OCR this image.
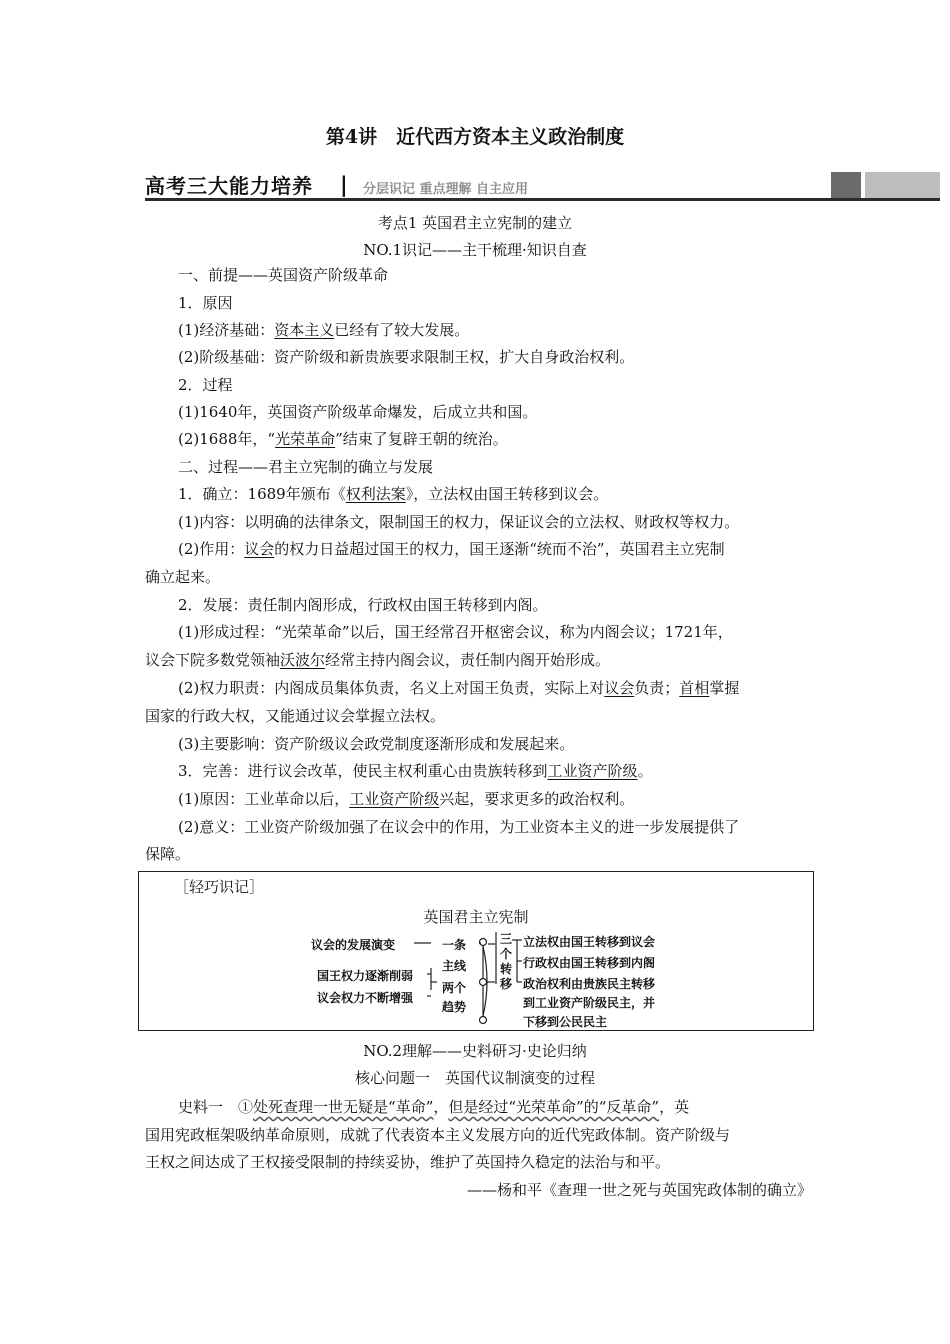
第4讲　近代西方资本主义政治制度
高考三大能力培养 | 分层识记 重点理解 自主应用
考点1 英国君主立宪制的建立
NO.1识记——主干梳理·知识自查
一、前提——英国资产阶级革命
1．原因
(1)经济基础：资本主义已经有了较大发展。
(2)阶级基础：资产阶级和新贵族要求限制王权，扩大自身政治权利。
2．过程
(1)1640年，英国资产阶级革命爆发，后成立共和国。
(2)1688年，“光荣革命”结束了复辟王朝的统治。
二、过程——君主立宪制的确立与发展
1．确立：1689年颁布《权利法案》，立法权由国王转移到议会。
(1)内容：以明确的法律条文，限制国王的权力，保证议会的立法权、财政权等权力。
(2)作用：议会的权力日益超过国王的权力，国王逐渐“统而不治”，英国君主立宪制
确立起来。
2．发展：责任制内阁形成，行政权由国王转移到内阁。
(1)形成过程：“光荣革命”以后，国王经常召开枢密会议，称为内阁会议；1721年，
议会下院多数党领袖沃波尔经常主持内阁会议，责任制内阁开始形成。
(2)权力职责：内阁成员集体负责，名义上对国王负责，实际上对议会负责；首相掌握
国家的行政大权，又能通过议会掌握立法权。
(3)主要影响：资产阶级议会政党制度逐渐形成和发展起来。
3．完善：进行议会改革，使民主权利重心由贵族转移到工业资产阶级。
(1)原因：工业革命以后，工业资产阶级兴起，要求更多的政治权利。
(2)意义：工业资产阶级加强了在议会中的作用，为工业资本主义的进一步发展提供了
保障。
［轻巧识记］
英国君主立宪制
议会的发展演变
国王权力逐渐削弱
议会权力不断增强
一条
主线
两个
趋势
三
个
转
移
立法权由国王转移到议会
行政权由国王转移到内阁
政治权利由贵族民主转移
到工业资产阶级民主，并
下移到公民民主
NO.2理解——史料研习·史论归纳
核心问题一　英国代议制演变的过程
史料一　①处死查理一世无疑是“革命”，但是经过“光荣革命”的“反革命”，英
国用宪政框架吸纳革命原则，成就了代表资本主义发展方向的近代宪政体制。资产阶级与
王权之间达成了王权接受限制的持续妥协，维护了英国持久稳定的法治与和平。
——杨和平《查理一世之死与英国宪政体制的确立》
